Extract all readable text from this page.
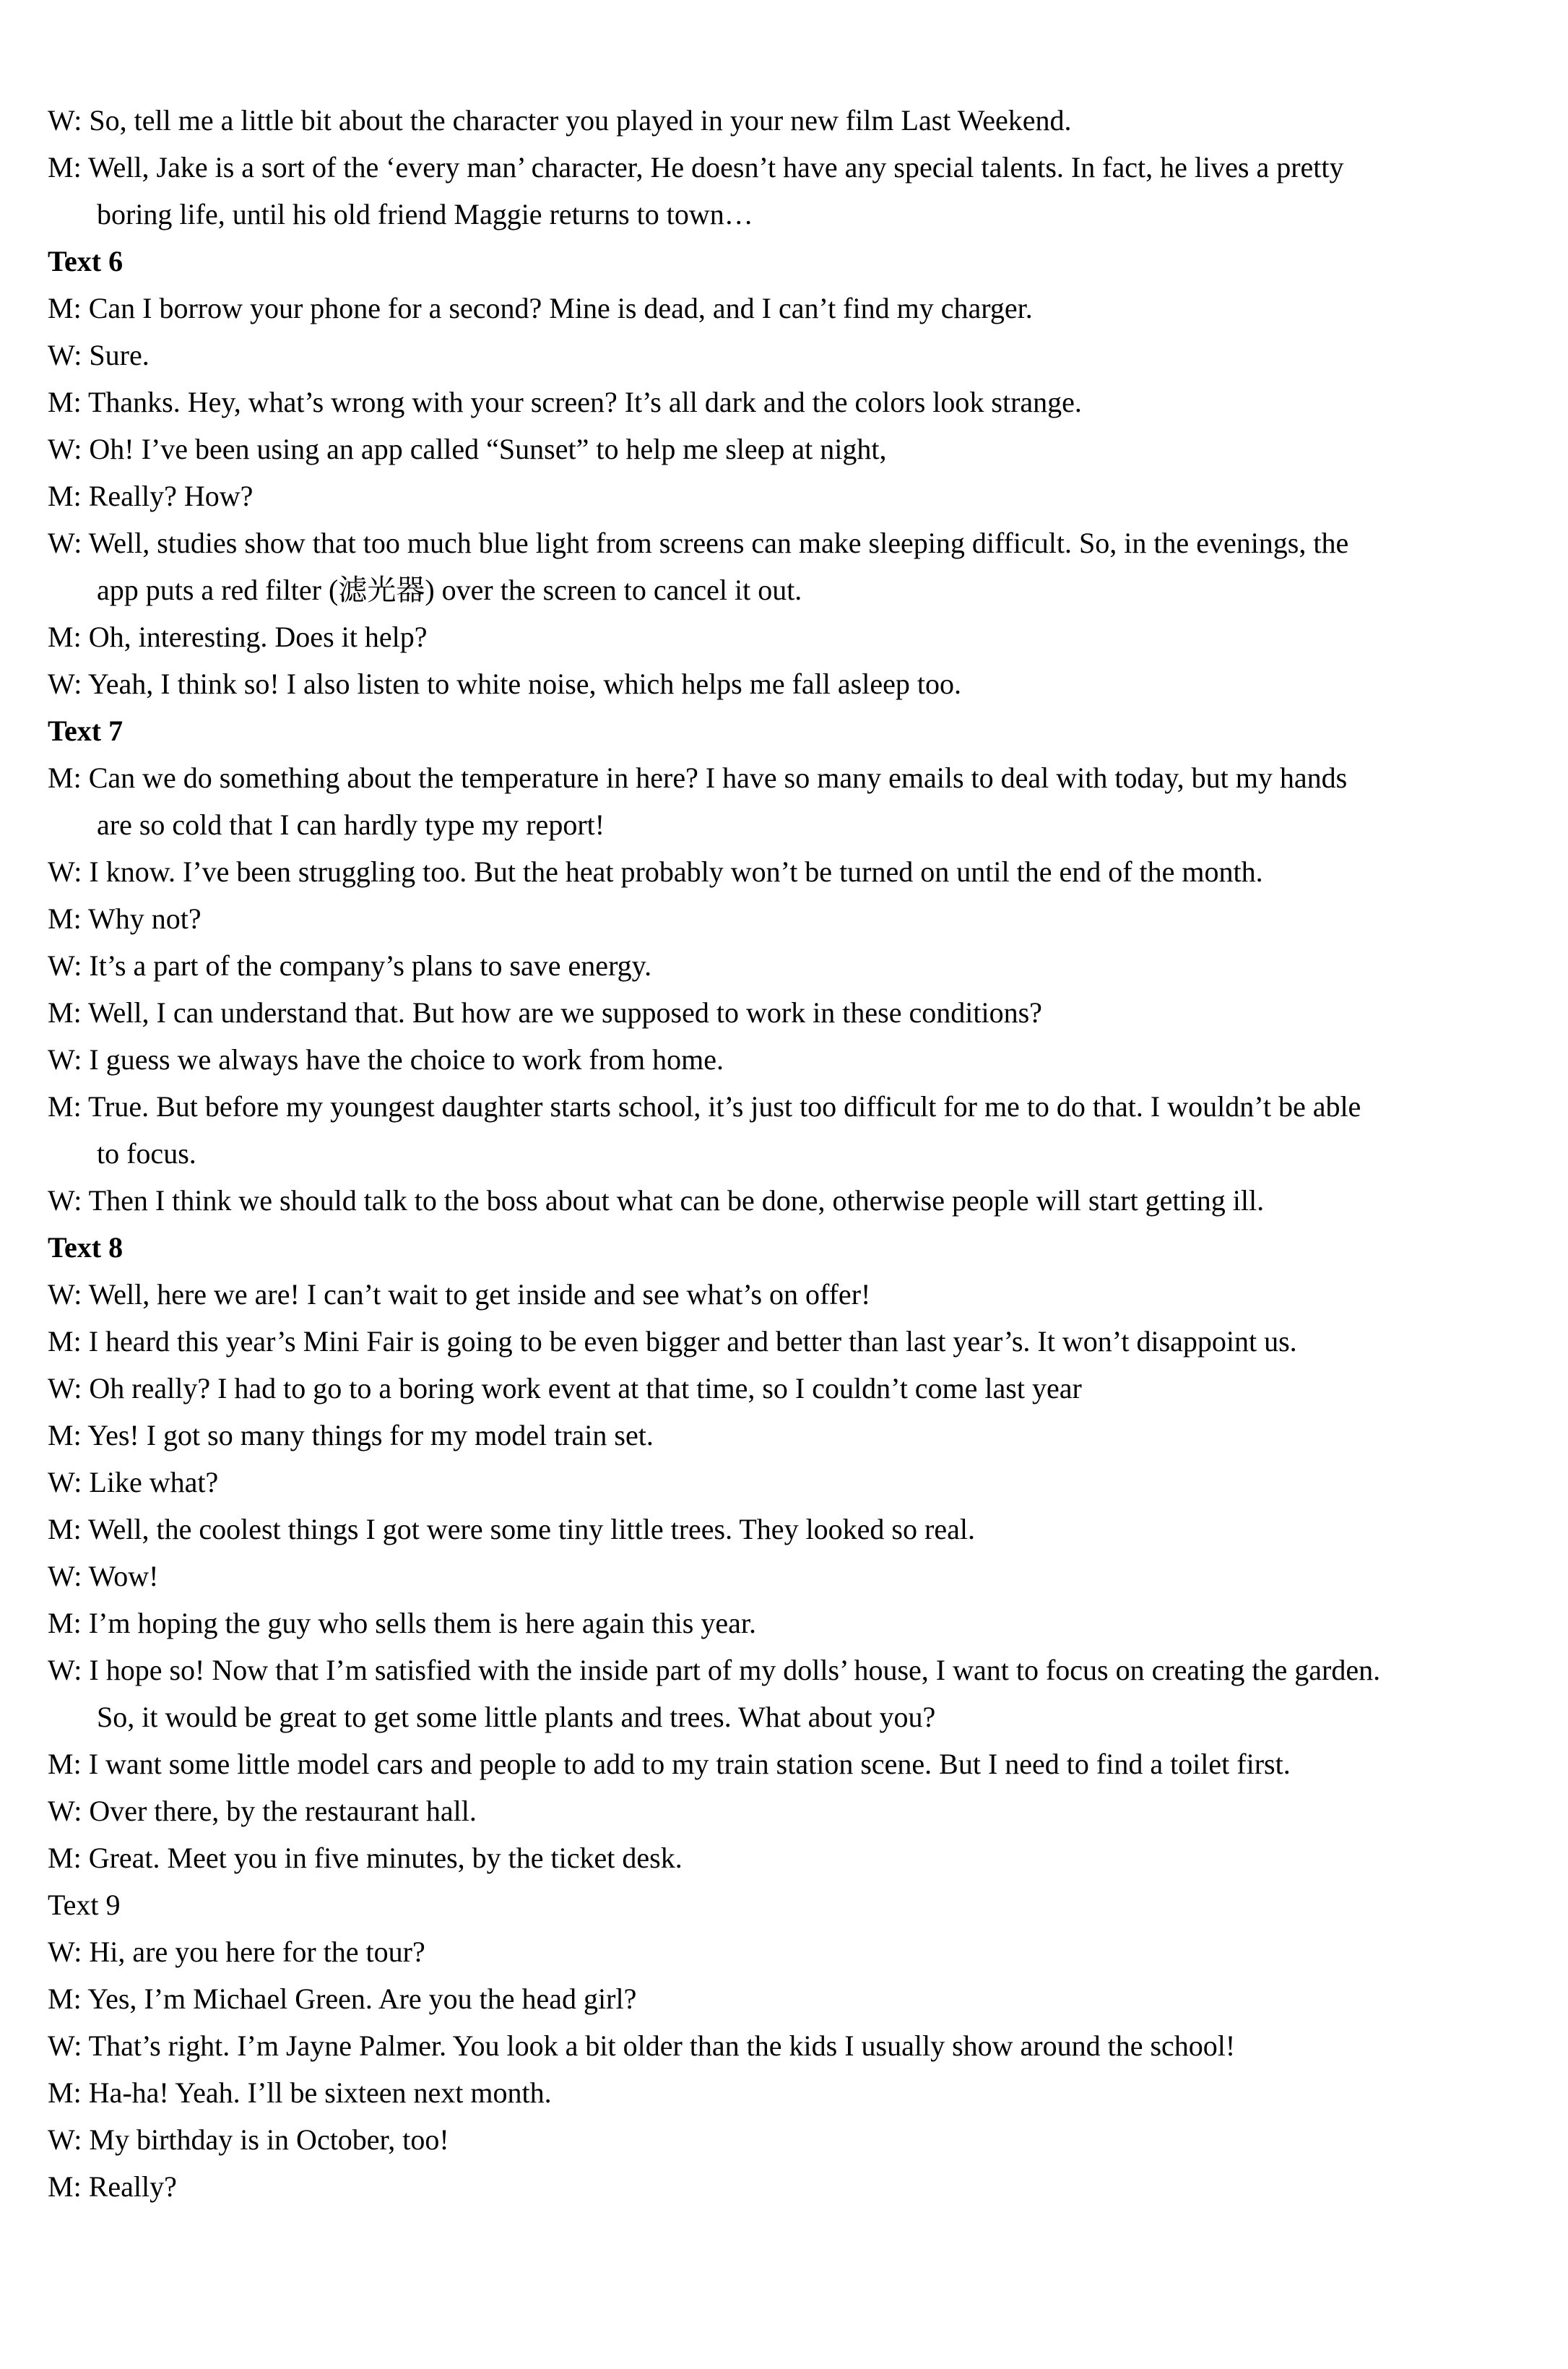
W: So, tell me a little bit about the character you played in your new film Last Weekend.
M: Well, Jake is a sort of the ‘every man’ character, He doesn’t have any special talents. In fact, he lives a pretty
boring life, until his old friend Maggie returns to town…
Text 6
M: Can I borrow your phone for a second? Mine is dead, and I can’t find my charger.
W: Sure.
M: Thanks. Hey, what’s wrong with your screen? It’s all dark and the colors look strange.
W: Oh! I’ve been using an app called “Sunset” to help me sleep at night,
M: Really? How?
W: Well, studies show that too much blue light from screens can make sleeping difficult. So, in the evenings, the
app puts a red filter (滤光器) over the screen to cancel it out.
M: Oh, interesting. Does it help?
W: Yeah, I think so! I also listen to white noise, which helps me fall asleep too.
Text 7
M: Can we do something about the temperature in here? I have so many emails to deal with today, but my hands
are so cold that I can hardly type my report!
W: I know. I’ve been struggling too. But the heat probably won’t be turned on until the end of the month.
M: Why not?
W: It’s a part of the company’s plans to save energy.
M: Well, I can understand that. But how are we supposed to work in these conditions?
W: I guess we always have the choice to work from home.
M: True. But before my youngest daughter starts school, it’s just too difficult for me to do that. I wouldn’t be able
to focus.
W: Then I think we should talk to the boss about what can be done, otherwise people will start getting ill.
Text 8
W: Well, here we are! I can’t wait to get inside and see what’s on offer!
M: I heard this year’s Mini Fair is going to be even bigger and better than last year’s. It won’t disappoint us.
W: Oh really? I had to go to a boring work event at that time, so I couldn’t come last year
M: Yes! I got so many things for my model train set.
W: Like what?
M: Well, the coolest things I got were some tiny little trees. They looked so real.
W: Wow!
M: I’m hoping the guy who sells them is here again this year.
W: I hope so! Now that I’m satisfied with the inside part of my dolls’ house, I want to focus on creating the garden.
So, it would be great to get some little plants and trees. What about you?
M: I want some little model cars and people to add to my train station scene. But I need to find a toilet first.
W: Over there, by the restaurant hall.
M: Great. Meet you in five minutes, by the ticket desk.
Text 9
W: Hi, are you here for the tour?
M: Yes, I’m Michael Green. Are you the head girl?
W: That’s right. I’m Jayne Palmer. You look a bit older than the kids I usually show around the school!
M: Ha-ha! Yeah. I’ll be sixteen next month.
W: My birthday is in October, too!
M: Really?
